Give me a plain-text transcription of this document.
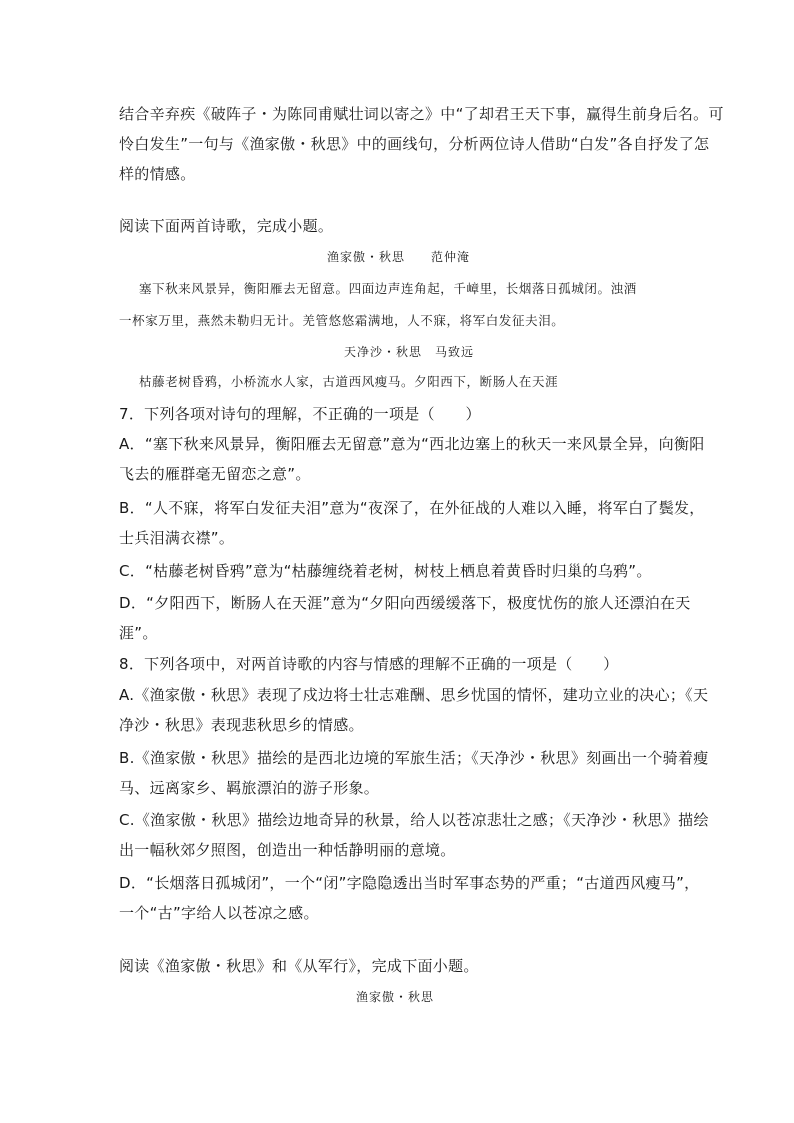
结合辛弃疾《破阵子・为陈同甫赋壮词以寄之》中“了却君王天下事，赢得生前身后名。可

怜白发生”一句与《渔家傲・秋思》中的画线句，分析两位诗人借助“白发”各自抒发了怎

样的情感。

阅读下面两首诗歌，完成小题。

渔家傲・秋思　　范仲淹

塞下秋来风景异，衡阳雁去无留意。四面边声连角起，千嶂里，长烟落日孤城闭。浊酒

一杯家万里，燕然未勒归无计。羌管悠悠霜满地，人不寐，将军白发征夫泪。

天净沙・秋思　马致远

枯藤老树昏鸦，小桥流水人家，古道西风瘦马。夕阳西下，断肠人在天涯

7．下列各项对诗句的理解，不正确的一项是（　　）

A．“塞下秋来风景异，衡阳雁去无留意”意为“西北边塞上的秋天一来风景全异，向衡阳

飞去的雁群毫无留恋之意”。

B．“人不寐，将军白发征夫泪”意为“夜深了，在外征战的人难以入睡，将军白了鬓发，

士兵泪满衣襟”。

C．“枯藤老树昏鸦”意为“枯藤缠绕着老树，树枝上栖息着黄昏时归巢的乌鸦”。

D．“夕阳西下，断肠人在天涯”意为“夕阳向西缓缓落下，极度忧伤的旅人还漂泊在天

涯”。

8．下列各项中，对两首诗歌的内容与情感的理解不正确的一项是（　　）

A.《渔家傲・秋思》表现了戍边将士壮志难酬、思乡忧国的情怀，建功立业的决心；《天

净沙・秋思》表现悲秋思乡的情感。

B.《渔家傲・秋思》描绘的是西北边境的军旅生活；《天净沙・秋思》刻画出一个骑着瘦

马、远离家乡、羁旅漂泊的游子形象。

C.《渔家傲・秋思》描绘边地奇异的秋景，给人以苍凉悲壮之感；《天净沙・秋思》描绘

出一幅秋郊夕照图，创造出一种恬静明丽的意境。

D．“长烟落日孤城闭”，一个“闭”字隐隐透出当时军事态势的严重；“古道西风瘦马”，

一个“古”字给人以苍凉之感。

阅读《渔家傲・秋思》和《从军行》，完成下面小题。

渔家傲・秋思
